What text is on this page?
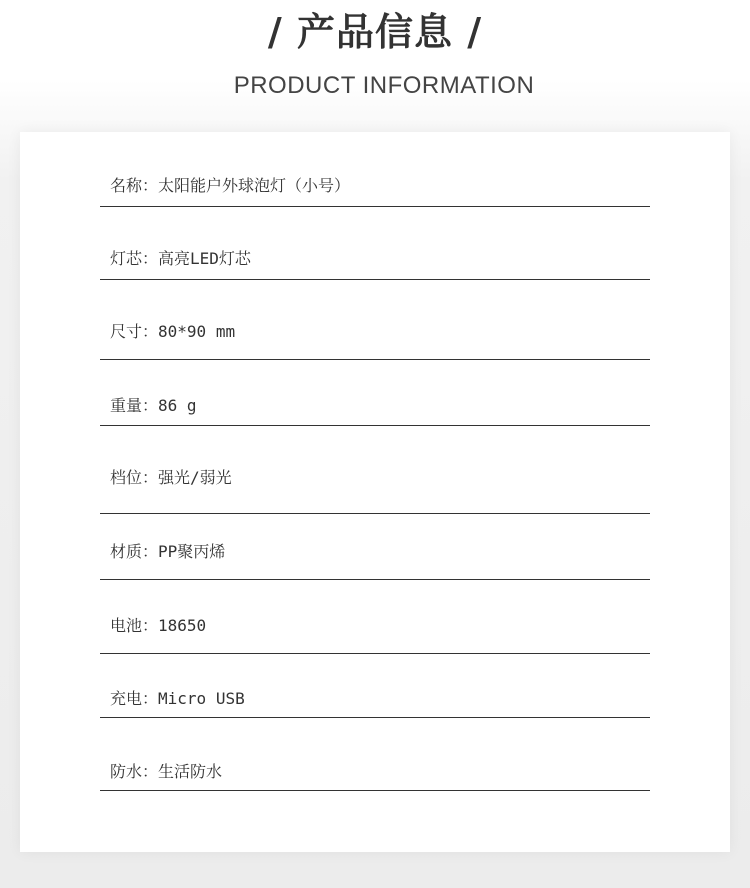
/ 产品信息 /
PRODUCT INFORMATION
名称：太阳能户外球泡灯（小号）
灯芯：高亮LED灯芯
尺寸：80*90 mm
重量：86 g
档位：强光/弱光
材质：PP聚丙烯
电池：18650
充电：Micro USB
防水：生活防水
